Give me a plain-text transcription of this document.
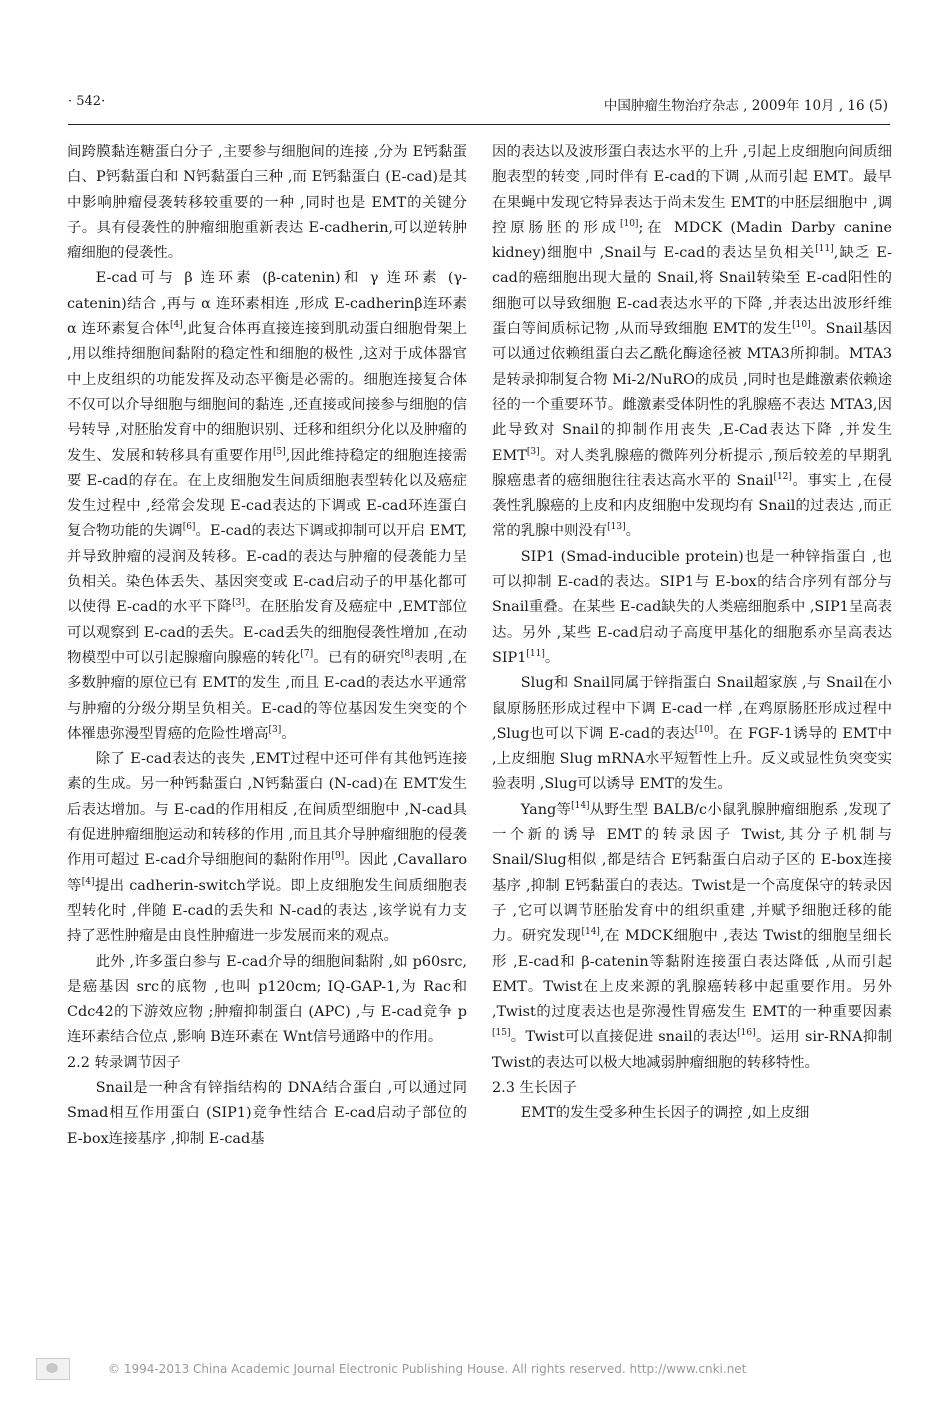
· 542·	中国肿瘤生物治疗杂志 , 2009年 10月 , 16 (5)

间跨膜黏连糖蛋白分子 ,主要参与细胞间的连接 ,分为 E钙黏蛋白、P钙黏蛋白和 N钙黏蛋白三种 ,而 E钙黏蛋白 (E-cad)是其中影响肿瘤侵袭转移较重要的一种 ,同时也是 EMT的关键分子。具有侵袭性的肿瘤细胞重新表达 E-cadherin,可以逆转肿瘤细胞的侵袭性。

E-cad可与 β 连环素 (β-catenin)和 γ 连环素 (γ-catenin)结合 ,再与 α 连环素相连 ,形成 E-cadherinβ连环素 α 连环素复合体[4],此复合体再直接连接到肌动蛋白细胞骨架上 ,用以维持细胞间黏附的稳定性和细胞的极性 ,这对于成体器官中上皮组织的功能发挥及动态平衡是必需的。细胞连接复合体不仅可以介导细胞与细胞间的黏连 ,还直接或间接参与细胞的信号转导 ,对胚胎发育中的细胞识别、迁移和组织分化以及肿瘤的发生、发展和转移具有重要作用[5],因此维持稳定的细胞连接需要 E-cad的存在。在上皮细胞发生间质细胞表型转化以及癌症发生过程中 ,经常会发现 E-cad表达的下调或 E-cad环连蛋白复合物功能的失调[6]。E-cad的表达下调或抑制可以开启 EMT,并导致肿瘤的浸润及转移。E-cad的表达与肿瘤的侵袭能力呈负相关。染色体丢失、基因突变或 E-cad启动子的甲基化都可以使得 E-cad的水平下降[3]。在胚胎发育及癌症中 ,EMT部位可以观察到 E-cad的丢失。E-cad丢失的细胞侵袭性增加 ,在动物模型中可以引起腺瘤向腺癌的转化[7]。已有的研究[8]表明 ,在多数肿瘤的原位已有 EMT的发生 ,而且 E-cad的表达水平通常与肿瘤的分级分期呈负相关。E-cad的等位基因发生突变的个体罹患弥漫型胃癌的危险性增高[3]。

除了 E-cad表达的丧失 ,EMT过程中还可伴有其他钙连接素的生成。另一种钙黏蛋白 ,N钙黏蛋白 (N-cad)在 EMT发生后表达增加。与 E-cad的作用相反 ,在间质型细胞中 ,N-cad具有促进肿瘤细胞运动和转移的作用 ,而且其介导肿瘤细胞的侵袭作用可超过 E-cad介导细胞间的黏附作用[9]。因此 ,Cavallaro等[4]提出 cadherin-switch学说。即上皮细胞发生间质细胞表型转化时 ,伴随 E-cad的丢失和 N-cad的表达 ,该学说有力支持了恶性肿瘤是由良性肿瘤进一步发展而来的观点。

此外 ,许多蛋白参与 E-cad介导的细胞间黏附 ,如 p60src,是癌基因 src的底物 ,也叫 p120cm; IQ-GAP-1,为 Rac和 Cdc42的下游效应物 ;肿瘤抑制蛋白 (APC) ,与 E-cad竞争 p连环素结合位点 ,影响 B连环素在 Wnt信号通路中的作用。

2.2 转录调节因子

Snail是一种含有锌指结构的 DNA结合蛋白 ,可以通过同 Smad相互作用蛋白 (SIP1)竞争性结合 E-cad启动子部位的 E-box连接基序 ,抑制 E-cad基

因的表达以及波形蛋白表达水平的上升 ,引起上皮细胞向间质细胞表型的转变 ,同时伴有 E-cad的下调 ,从而引起 EMT。最早在果蝇中发现它特异表达于尚未发生 EMT的中胚层细胞中 ,调控原肠胚的形成[10];在 MDCK (Madin Darby canine kidney)细胞中 ,Snail与 E-cad的表达呈负相关[11],缺乏 E-cad的癌细胞出现大量的 Snail,将 Snail转染至 E-cad阳性的细胞可以导致细胞 E-cad表达水平的下降 ,并表达出波形纤维蛋白等间质标记物 ,从而导致细胞 EMT的发生[10]。Snail基因可以通过依赖组蛋白去乙酰化酶途径被 MTA3所抑制。MTA3是转录抑制复合物 Mi-2/NuRO的成员 ,同时也是雌激素依赖途径的一个重要环节。雌激素受体阴性的乳腺癌不表达 MTA3,因此导致对 Snail的抑制作用丧失 ,E-Cad表达下降 ,并发生 EMT[3]。对人类乳腺癌的微阵列分析提示 ,预后较差的早期乳腺癌患者的癌细胞往往表达高水平的 Snail[12]。事实上 ,在侵袭性乳腺癌的上皮和内皮细胞中发现均有 Snail的过表达 ,而正常的乳腺中则没有[13]。

SIP1 (Smad-inducible protein)也是一种锌指蛋白 ,也可以抑制 E-cad的表达。SIP1与 E-box的结合序列有部分与 Snail重叠。在某些 E-cad缺失的人类癌细胞系中 ,SIP1呈高表达。另外 ,某些 E-cad启动子高度甲基化的细胞系亦呈高表达 SIP1[11]。

Slug和 Snail同属于锌指蛋白 Snail超家族 ,与 Snail在小鼠原肠胚形成过程中下调 E-cad一样 ,在鸡原肠胚形成过程中 ,Slug也可以下调 E-cad的表达[10]。在 FGF-1诱导的 EMT中 ,上皮细胞 Slug mRNA水平短暂性上升。反义或显性负突变实验表明 ,Slug可以诱导 EMT的发生。

Yang等[14]从野生型 BALB/c小鼠乳腺肿瘤细胞系 ,发现了一个新的诱导 EMT的转录因子 Twist,其分子机制与 Snail/Slug相似 ,都是结合 E钙黏蛋白启动子区的 E-box连接基序 ,抑制 E钙黏蛋白的表达。Twist是一个高度保守的转录因子 ,它可以调节胚胎发育中的组织重建 ,并赋予细胞迁移的能力。研究发现[14],在 MDCK细胞中 ,表达 Twist的细胞呈细长形 ,E-cad和 β-catenin等黏附连接蛋白表达降低 ,从而引起 EMT。Twist在上皮来源的乳腺癌转移中起重要作用。另外 ,Twist的过度表达也是弥漫性胃癌发生 EMT的一种重要因素[15]。Twist可以直接促进 snail的表达[16]。运用 sir-RNA抑制 Twist的表达可以极大地减弱肿瘤细胞的转移特性。

2.3 生长因子

EMT的发生受多种生长因子的调控 ,如上皮细

© 1994-2013 China Academic Journal Electronic Publishing House. All rights reserved. http://www.cnki.net
